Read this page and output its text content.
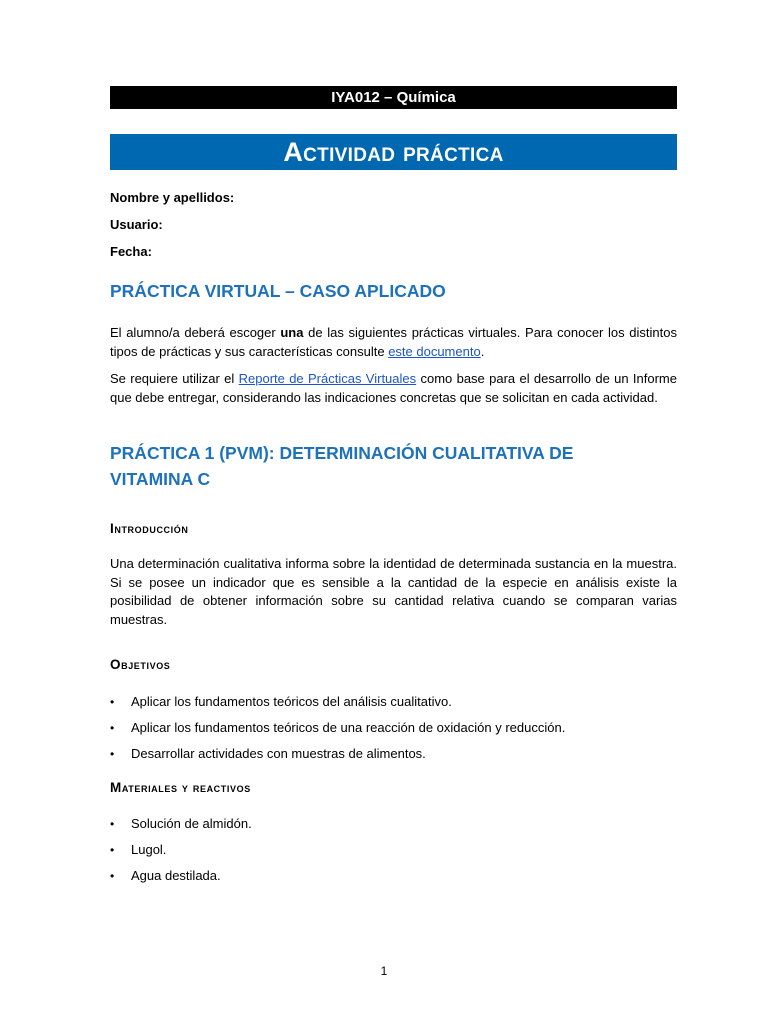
IYA012 – Química
Actividad práctica
Nombre y apellidos:
Usuario:
Fecha:
PRÁCTICA VIRTUAL – CASO APLICADO

El alumno/a deberá escoger una de las siguientes prácticas virtuales. Para conocer los distintos tipos de prácticas y sus características consulte este documento.

Se requiere utilizar el Reporte de Prácticas Virtuales como base para el desarrollo de un Informe que debe entregar, considerando las indicaciones concretas que se solicitan en cada actividad.

PRÁCTICA 1 (PVM): DETERMINACIÓN CUALITATIVA DE VITAMINA C
Introducción

Una determinación cualitativa informa sobre la identidad de determinada sustancia en la muestra. Si se posee un indicador que es sensible a la cantidad de la especie en análisis existe la posibilidad de obtener información sobre su cantidad relativa cuando se comparan varias muestras.

Objetivos
• Aplicar los fundamentos teóricos del análisis cualitativo.
• Aplicar los fundamentos teóricos de una reacción de oxidación y reducción.
• Desarrollar actividades con muestras de alimentos.
Materiales y reactivos
• Solución de almidón.
• Lugol.
• Agua destilada.
1
